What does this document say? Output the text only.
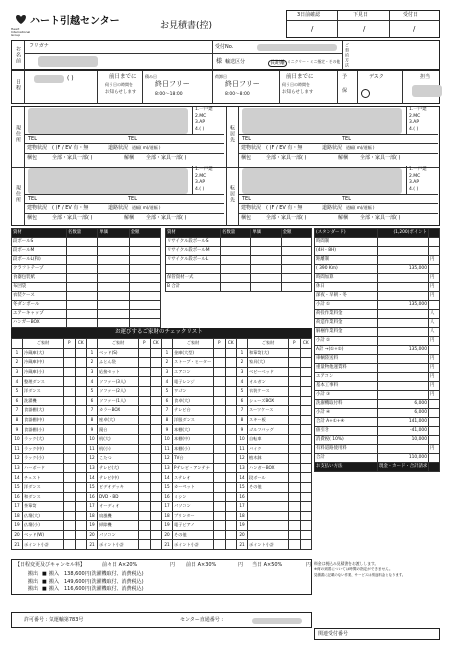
Heart International Group
ハート引越センター	お見積書(控)
3日前確認	下見日	受付日
/	/	/
お名前 フリガナ	受付No.
様 輸送区分	長距離 ミニクリー・ミニ指定・その他 ご契約方法
日程
( )	前日までに
伺う日の時間を
お知らせします
積み日
終日フリー
8:00〜18:00
荷卸日
終日フリー
8:00〜8:00
前日までに
伺う日の時間を
お知らせします
予
保
デスク	担当
現住所	転居先
現住所	転居先
1.一戸建
2.MC
3.AP
4.( )
TEL	TEL
建物状況 ( )F / EV 有・無	道路状況 道幅( m)/道幅 )
梱包	全部・家具一部( )	解梱 全部・家具一部( )
1.一戸建
2.MC
3.AP
4.( )
TEL	TEL
建物状況 ( )F / EV 有・無	道路状況 道幅( m)/道幅 )
梱包	全部・家具一部( )	解梱 全部・家具一部( )
1.一戸建
2.MC
3.AP
4.( )
TEL	TEL
建物状況 ( )F / EV 有・無	道路状況 道幅( m)/道幅 )
梱包	全部・家具一部( )	解梱 全部・家具一部( )
1.一戸建
2.MC
3.AP
4.( )
TEL	TEL
建物状況 ( )F / EV 有・無	道路状況 道幅( m)/道幅 )
梱包	全部・家具一部( )	解梱 全部・家具一部( )
資材	名数量	単価	金額
段ボールS			
段ボールM			
段ボールL(和)			
クラフトテープ			
食器包装紙			
布団袋			
衣装ケース			
冬ダンボール			
エアーキャップ			
ハンガーBOX			
資材	名数量	単価	金額
リサイクル段ボールS			
リサイクル段ボールM			
リサイクル段ボールL			

保管資材一式			
B 合計			
お運びするご家財のチェックリスト
	ご家財	P	CK		ご家財	P	CK		ご家財	P	CK		ご家財	P	CK
1	冷蔵庫(大)			1	ベッド(S)			1	金庫(大型)			1	和箪笥(大)		
2	冷蔵庫(中)			2	ふとん袋			2	ストーブ・ヒーター			2	家具(大)		
3	冷蔵庫(小)			3	応接セット			3	エアコン			3	ベビーベッド		
4	整理ダンス			4	ソファー(3人)			4	電子レンジ			4	オルガン		
5	洋ダンス			5	ソファー(2人)			5	ワゴン			5	衣装ケース		
6	洗濯機			6	ソファー(1人)			6	食卓(大)			6	シューズBOX		
7	食器棚(大)			7	カラーBOX			7	テレビ台			7	スーツケース		
8	食器棚(中)			8	座卓(大)			8	洋服ダンス			8	スキー板		
9	食器棚(小)			9	鏡台			9	本棚(大)			9	ゴルフバッグ		
10	ラック(大)			10	机(大)			10	本棚(中)			10	自転車		
11	ラック(中)			11	机(小)			11	本棚(小)			11	バイク		
12	ラック(小)			12	こたつ			12	TV台			12	植木鉢		
13	ハーボード			13	テレビ(大)			13	Pテレビ・アンテナ			13	ハンガーBOX		
14	チェスト			14	テレビ(中)			14	ステレオ			14	段ボール		
15	洋ダンス			15	ビデオデッキ			15	カーペット			15	その他		
16	和ダンス			16	DVD・BD			16	ミシン			16			
17	茶箪笥			17	オーディオ			17	パソコン			17			
18	仏壇(大)			18	扇風機			18	プリンター			18			
19	仏壇(小)			19	掃除機			19	電子ピアノ			19			
20	ベッド(W)			20	パソコン			20	その他			20			
21	ポイント小計			21	ポイント小計			21	ポイント小計			21	ポイント小計		
(スタンダード)	(1,200)ポイント	
時間制		
(4H・8H)		
距離制		円
( 390 Km)	135,000	
時間加算		円
休日		円
深夜・早朝・冬		円
小計 ①	135,000	
荷役作業料金		人
荷造作業料金		人
解梱作業料金		人
小計 ②		円
A計 →(①+②)	135,000	
車輌陸送料		円
重量物他運賃料		円
エアコン		円
基本工事料		円
小計 ③		円
洗濯機取付料	6,000	
小計 ④	6,000	
合計 A+①+④	141,000	
値引き	-41,000	
消費税( 10%)	10,000	
有料道路使用料		円
合計	110,000	
お支払い方法	現金・カード・合計請求	
【日程変更及びキャンセル料】	前々日 A×20%	円 前日 A×30%	円 当日 A×50%	円
搬出 ■ 搬入 138,600円(洗濯機取付、消費税込)
搬出 ■ 搬入 149,600円(洗濯機取付、消費税込)
搬出 ■ 搬入 116,600円(洗濯機取付、消費税込)
許可番号 : 気運輸第783号	センター直通番号 :
料金は税込み見積書をお渡しします。
※荷の到着については時間の指定ができません。
見積書に記載のない作業、サービスは別途料金となります。
関連受付番号
